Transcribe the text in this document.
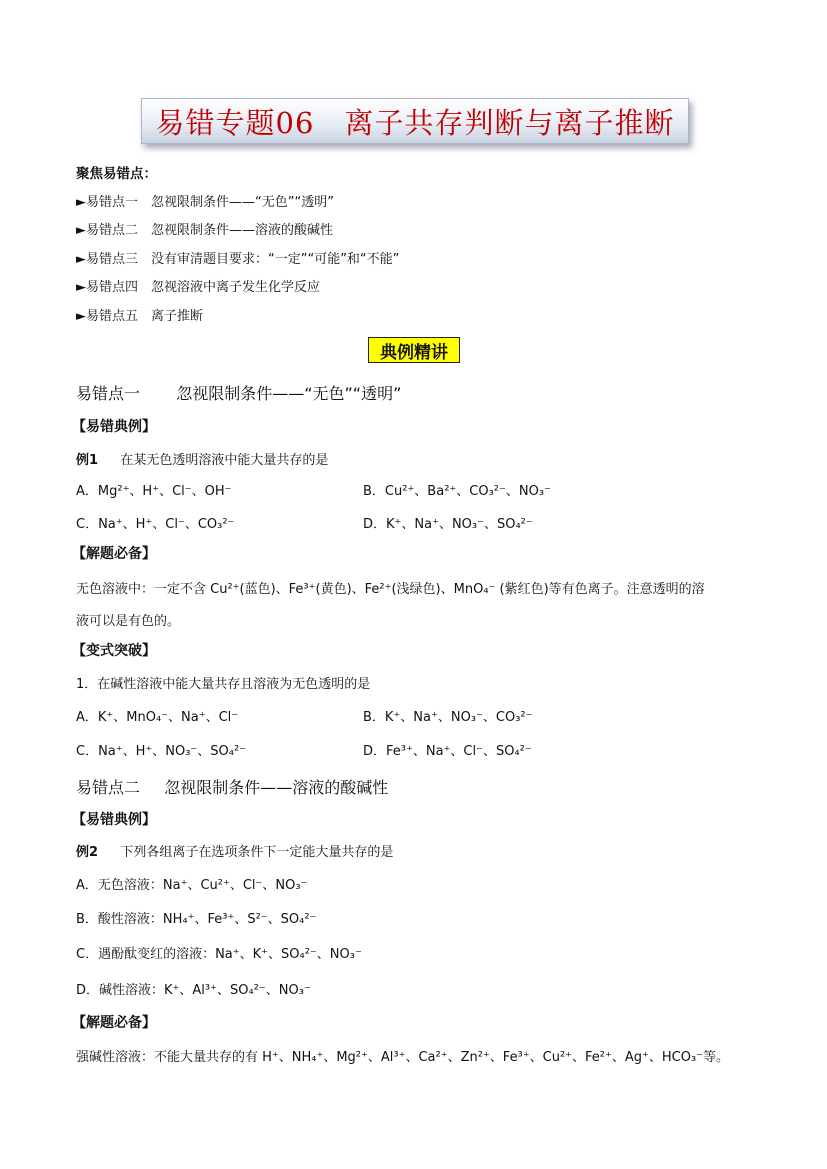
易错专题06　离子共存判断与离子推断
聚焦易错点：
►易错点一　忽视限制条件——“无色”“透明”
►易错点二　忽视限制条件——溶液的酸碱性
►易错点三　没有审清题目要求：“一定”“可能”和“不能”
►易错点四　忽视溶液中离子发生化学反应
►易错点五　离子推断
典例精讲
易错点一 忽视限制条件——“无色”“透明”
【易错典例】
例1 在某无色透明溶液中能大量共存的是
A．Mg²⁺、H⁺、Cl⁻、OH⁻	B．Cu²⁺、Ba²⁺、CO₃²⁻、NO₃⁻
C．Na⁺、H⁺、Cl⁻、CO₃²⁻	D．K⁺、Na⁺、NO₃⁻、SO₄²⁻
【解题必备】
无色溶液中：一定不含 Cu²⁺(蓝色)、Fe³⁺(黄色)、Fe²⁺(浅绿色)、MnO₄⁻ (紫红色)等有色离子。注意透明的溶
液可以是有色的。
【变式突破】
1．在碱性溶液中能大量共存且溶液为无色透明的是
A．K⁺、MnO₄⁻、Na⁺、Cl⁻	B．K⁺、Na⁺、NO₃⁻、CO₃²⁻
C．Na⁺、H⁺、NO₃⁻、SO₄²⁻	D．Fe³⁺、Na⁺、Cl⁻、SO₄²⁻
易错点二 忽视限制条件——溶液的酸碱性
【易错典例】
例2 下列各组离子在选项条件下一定能大量共存的是
A．无色溶液：Na⁺、Cu²⁺、Cl⁻、NO₃⁻
B．酸性溶液：NH₄⁺、Fe³⁺、S²⁻、SO₄²⁻
C．遇酚酞变红的溶液：Na⁺、K⁺、SO₄²⁻、NO₃⁻
D．碱性溶液：K⁺、Al³⁺、SO₄²⁻、NO₃⁻
【解题必备】
强碱性溶液：不能大量共存的有 H⁺、NH₄⁺、Mg²⁺、Al³⁺、Ca²⁺、Zn²⁺、Fe³⁺、Cu²⁺、Fe²⁺、Ag⁺、HCO₃⁻等。
